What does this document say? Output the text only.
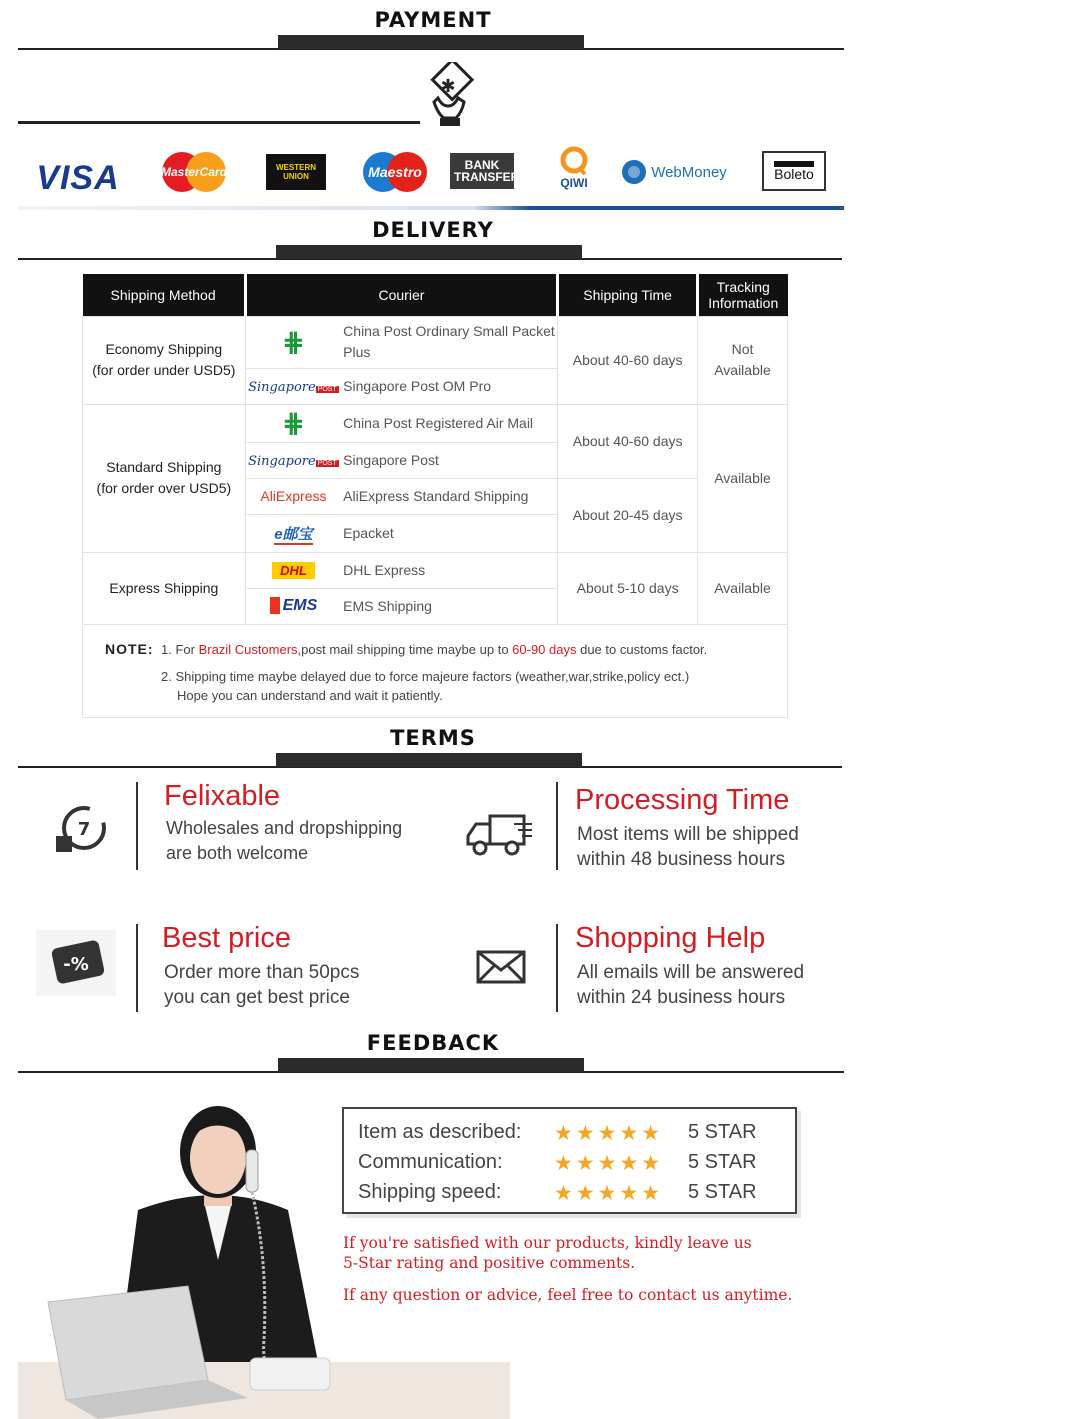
PAYMENT
✱
VISA	MasterCard	WESTERN UNION	Maestro	BANK TRANSFER	QIWI
WebMoney	Boleto
DELIVERY
Shipping Method	Courier		Shipping Time	Tracking Information

Economy Shipping
(for order under USD5)	⋕	China Post Ordinary Small Packet Plus	About 40-60 days	Not Available
	Singapore POST	Singapore Post OM Pro		

Standard Shipping
(for order over USD5)	⋕	China Post Registered Air Mail	About 40-60 days	Available
	Singapore POST	Singapore Post		
	AliExpress	AliExpress Standard Shipping	About 20-45 days	
	e邮宝	Epacket		
Express Shipping	DHL	DHL Express	About 5-10 days	Available
	EMS	EMS Shipping		
NOTE: 1. For Brazil Customers,post mail shipping time maybe up to 60-90 days due to customs factor.
2. Shipping time maybe delayed due to force majeure factors (weather,war,strike,policy ect.)
Hope you can understand and wait it patiently.
TERMS
7
Felixable
Wholesales and dropshipping
are both welcome
Processing Time
Most items will be shipped
within 48 business hours
-%
Best price
Order more than 50pcs
you can get best price
Shopping Help
All emails will be answered
within 24 business hours
FEEDBACK
Item as described: ★★★★★ 5 STAR
Communication: ★★★★★ 5 STAR
Shipping speed:	★★★★★ 5 STAR
If you're satisfied with our products, kindly leave us
5-Star rating and positive comments.
If any question or advice, feel free to contact us anytime.
